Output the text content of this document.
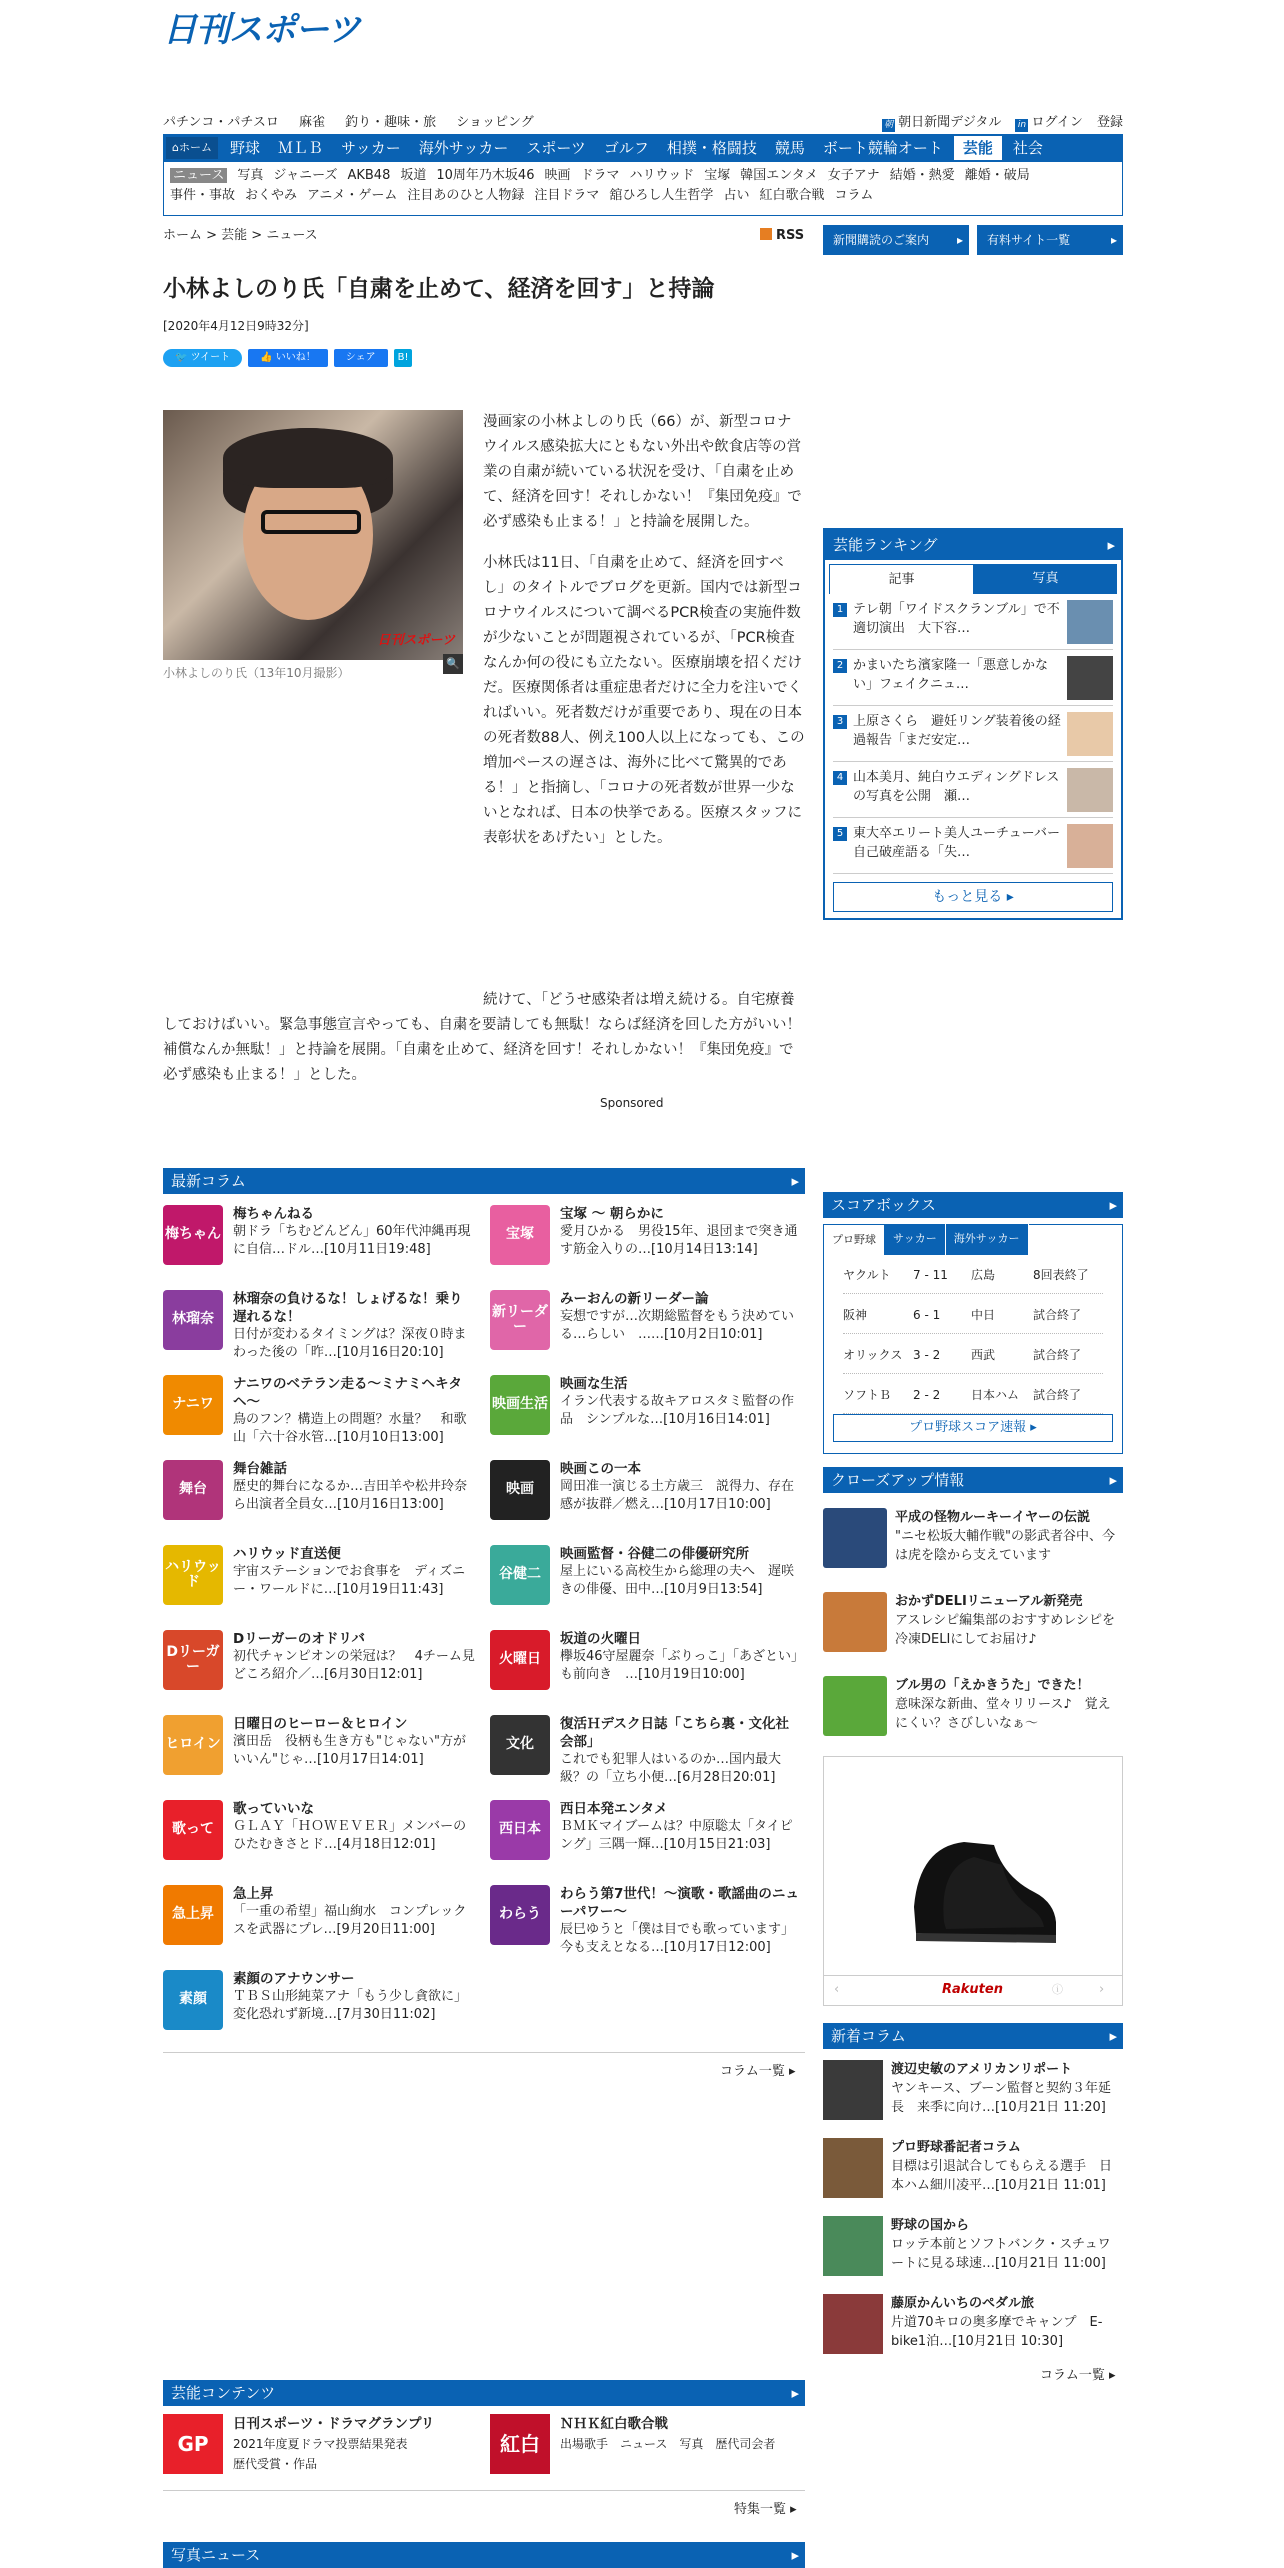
日刊スポーツ
パチンコ・パチスロ 麻雀 釣り・趣味・旅 ショッピング	朝 朝日新聞デジタル in ログイン 登録
⌂ホーム	野球	ＭＬＢ	サッカー	海外サッカー	スポーツ	ゴルフ	相撲・格闘技	競馬	ボート競輪オート	芸能	社会
ニュース 写真 ジャニーズ AKB48 坂道 10周年乃木坂46 映画 ドラマ ハリウッド 宝塚 韓国エンタメ 女子アナ 結婚・熱愛 離婚・破局
事件・事故 おくやみ アニメ・ゲーム 注目あのひと人物録 注目ドラマ 舘ひろし人生哲学 占い 紅白歌合戦 コラム
ホーム > 芸能 > ニュース	RSS	新聞購読のご案内 ▸	有料サイト一覧 ▸
小林よしのり氏「自粛を止めて、経済を回す」と持論
[2020年4月12日9時32分]
🐦 ツイート	👍 いいね！	シェア	B!
日刊スポーツ
🔍
小林よしのり氏（13年10月撮影）

漫画家の小林よしのり氏（66）が、新型コロナウイルス感染拡大にともない外出や飲食店等の営業の自粛が続いている状況を受け、「自粛を止めて、経済を回す！それしかない！『集団免疫』で必ず感染も止まる！」と持論を展開した。

小林氏は11日、「自粛を止めて、経済を回すべし」のタイトルでブログを更新。国内では新型コロナウイルスについて調べるPCR検査の実施件数が少ないことが問題視されているが、「PCR検査なんか何の役にも立たない。医療崩壊を招くだけだ。医療関係者は重症患者だけに全力を注いでくればいい。死者数だけが重要であり、現在の日本の死者数88人、例え100人以上になっても、この増加ペースの遅さは、海外に比べて驚異的である！」と指摘し、「コロナの死者数が世界一少ないとなれば、日本の快挙である。医療スタッフに表彰状をあげたい」とした。

続けて、「どうせ感染者は増え続ける。自宅療養しておけばいい。緊急事態宣言やっても、自粛を要請しても無駄！ならば経済を回した方がいい！補償なんか無駄！」と持論を展開。「自粛を止めて、経済を回す！それしかない！『集団免疫』で必ず感染も止まる！」とした。

Sponsored
最新コラム ▸
梅ちゃん
梅ちゃんねる
朝ドラ「ちむどんどん」60年代沖縄再現に自信…ドル…[10月11日19:48]
宝塚
宝塚 〜 朝らかに
愛月ひかる　男役15年、退団まで突き通す筋金入りの…[10月14日13:14]
林瑠奈
林瑠奈の負けるな！しょげるな！乗り遅れるな！
日付が変わるタイミングは？深夜０時まわった後の「昨…[10月16日20:10]
新リーダー
みーおんの新リーダー論
妄想ですが…次期総監督をもう決めている…らしい　……[10月2日10:01]
ナニワ
ナニワのベテラン走る〜ミナミヘキタヘ〜
鳥のフン？構造上の問題？水量？　和歌山「六十谷水管…[10月10日13:00]
映画生活
映画な生活
イラン代表する故キアロスタミ監督の作品　シンプルな…[10月16日14:01]
舞台
舞台雑話
歴史的舞台になるか…吉田羊や松井玲奈ら出演者全員女…[10月16日13:00]
映画
映画この一本
岡田准一演じる土方歳三　説得力、存在感が抜群／燃え…[10月17日10:00]
ハリウッド
ハリウッド直送便
宇宙ステーションでお食事を　ディズニー・ワールドに…[10月19日11:43]
谷健二
映画監督・谷健二の俳優研究所
屋上にいる高校生から総理の夫へ　遅咲きの俳優、田中…[10月9日13:54]
Dリーガー
Dリーガーのオドリバ
初代チャンピオンの栄冠は？　4チーム見どころ紹介／…[6月30日12:01]
火曜日
坂道の火曜日
欅坂46守屋麗奈「ぶりっこ」「あざとい」も前向き　…[10月19日10:00]
ヒロイン
日曜日のヒーロー＆ヒロイン
濱田岳　役柄も生き方も"じゃない"方がいいん"じゃ…[10月17日14:01]
文化
復活Ｈデスク日誌「こちら裏・文化社会部」
これでも犯罪人はいるのか…国内最大級？の「立ち小便…[6月28日20:01]
歌って
歌っていいな
ＧＬＡＹ「ＨＯＷＥＶＥＲ」メンバーのひたむきさとド…[4月18日12:01]
西日本
西日本発エンタメ
ＢＭＫマイブームは？中原聡太「タイピング」三隅一輝…[10月15日21:03]
急上昇
急上昇
「一重の希望」福山絢水　コンプレックスを武器にプレ…[9月20日11:00]
わらう
わらう第7世代！〜演歌・歌謡曲のニューパワー〜
辰巳ゆうと「僕は目でも歌っています」今も支えとなる…[10月17日12:00]
素顔
素顔のアナウンサー
ＴＢＳ山形純菜アナ「もう少し貪欲に」変化恐れず新境…[7月30日11:02]
コラム一覧 ▸
芸能コンテンツ ▸
GP
日刊スポーツ・ドラマグランプリ
2021年度夏ドラマ投票結果発表
歴代受賞・作品
紅白
ＮＨＫ紅白歌合戦
出場歌手　ニュース　写真　歴代司会者
特集一覧 ▸
写真ニュース ▸
芸能ランキング ▸
記事	写真
1 テレ朝「ワイドスクランブル」で不適切演出　大下容…
2 かまいたち濱家隆一「悪意しかない」フェイクニュ…
3 上原さくら　避妊リング装着後の経過報告「まだ安定…
4 山本美月、純白ウエディングドレスの写真を公開　瀬…
5 東大卒エリート美人ユーチューバー自己破産語る「失…
もっと見る ▸
スコアボックス ▸
プロ野球	サッカー	海外サッカー
ヤクルト 7 - 11 広島	8回表終了
阪神	6 - 1	中日	試合終了
オリックス 3 - 2	西武	試合終了
ソフトＢ 2 - 2	日本ハム 試合終了
プロ野球スコア速報 ▸
クローズアップ情報 ▸
平成の怪物ルーキーイヤーの伝説
"ニセ松坂大輔作戦"の影武者谷中、今は虎を陰から支えています
おかずDELIリニューアル新発売
アスレシピ編集部のおすすめレシピを冷凍DELIにしてお届け♪
ブル男の「えかきうた」できた！
意味深な新曲、堂々リリース♪　覚えにくい？さびしいなぁ〜
‹	Rakuten	ⓘ	›
新着コラム ▸
渡辺史敏のアメリカンリポート
ヤンキース、ブーン監督と契約３年延長　来季に向け…[10月21日 11:20]
プロ野球番記者コラム
目標は引退試合してもらえる選手　日本ハム細川凌平…[10月21日 11:01]
野球の国から
ロッテ本前とソフトバンク・スチュワートに見る球速…[10月21日 11:00]
藤原かんいちのペダル旅
片道70キロの奥多摩でキャンプ　E-bike1泊…[10月21日 10:30]
コラム一覧 ▸
